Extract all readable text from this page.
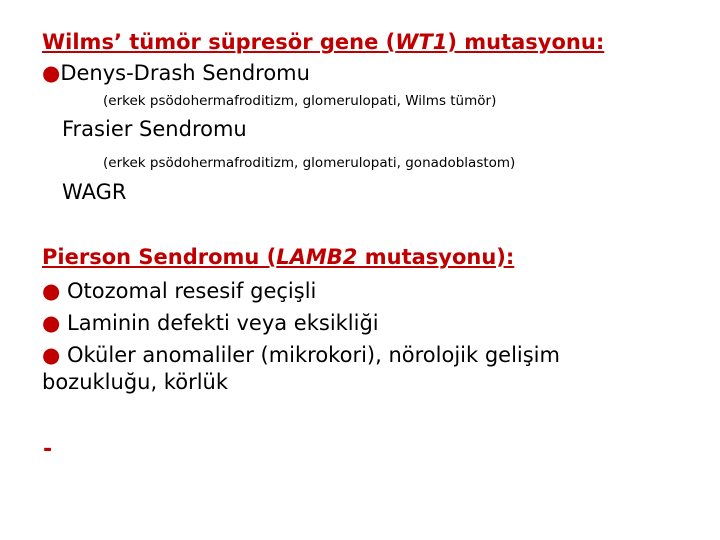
Wilms’ tümör süpresör gene (WT1) mutasyonu:
●Denys-Drash Sendromu
(erkek psödohermafroditizm, glomerulopati, Wilms tümör)
Frasier Sendromu
(erkek psödohermafroditizm, glomerulopati, gonadoblastom)
WAGR
Pierson Sendromu (LAMB2 mutasyonu):
● Otozomal resesif geçişli
● Laminin defekti veya eksikliği
● Oküler anomaliler (mikrokori), nörolojik gelişim
bozukluğu, körlük
-
